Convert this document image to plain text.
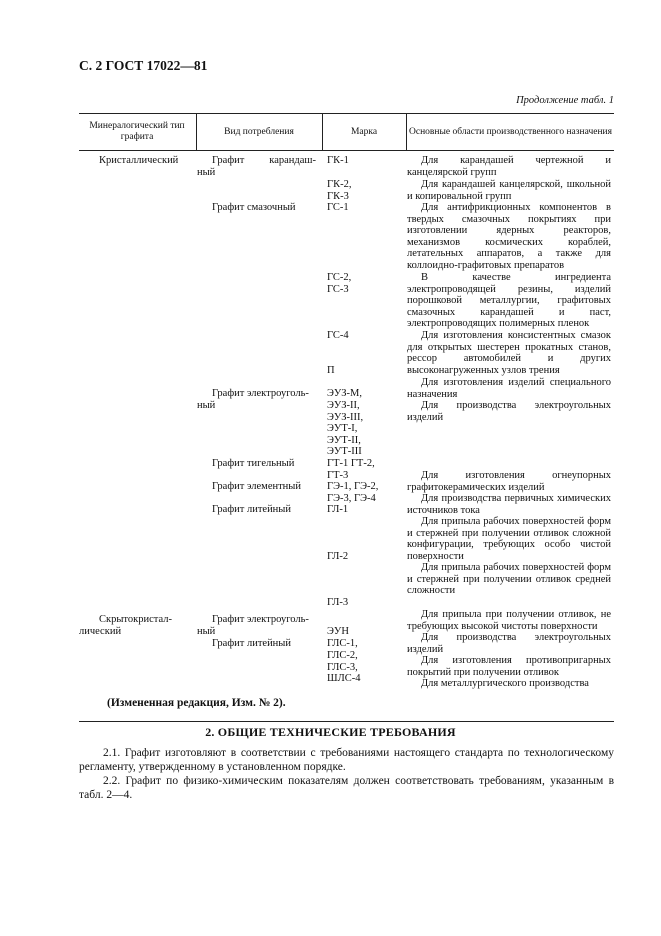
С. 2 ГОСТ 17022—81
Продолжение табл. 1
Минералогический тип графита
Вид потребления	Марка	Основные области производственного назначения
Кристаллический
Скрытокристал-
лический
Графит карандаш-
ный
Графит смазочный
Графит электроуголь-
ный
Графит тигельный
Графит элементный
Графит литейный
Графит электроуголь-
ный
Графит литейный
ГК-1
ГК-2,
ГК-3
ГС-1
ГС-2,
ГС-3
ГС-4
П
ЭУЗ-М,
ЭУЗ-II,
ЭУЗ-III,
ЭУТ-I,
ЭУТ-II,
ЭУТ-III
ГТ-1 ГТ-2,
ГТ-3
ГЭ-1, ГЭ-2,
ГЭ-3, ГЭ-4
ГЛ-1
ГЛ-2
ГЛ-3
ЭУН
ГЛС-1,
ГЛС-2,
ГЛС-3,
ШЛС-4
Для карандашей чертежной и канцелярской групп
Для карандашей канцелярской, школьной и копировальной групп
Для антифрикционных компонентов в твердых смазочных покрытиях при изготовлении ядерных реакторов, механизмов космических кораблей, летательных аппаратов, а также для коллоидно-графитовых препаратов
В качестве ингредиента электропроводящей резины, изделий порошковой металлургии, графитовых смазочных карандашей и паст, электропроводящих полимерных пленок
Для изготовления консистентных смазок для открытых шестерен прокатных станов, рессор автомобилей и других высоконагруженных узлов трения
Для изготовления изделий специального назначения
Для производства электроугольных изделий
Для изготовления огнеупорных графитокерамических изделий
Для производства первичных химических источников тока
Для припыла рабочих поверхностей форм и стержней при получении отливок сложной конфигурации, требующих особо чистой поверхности
Для припыла рабочих поверхностей форм и стержней при получении отливок средней сложности
Для припыла при получении отливок, не требующих высокой чистоты поверхности
Для производства электроугольных изделий
Для изготовления противопригарных покрытий при получении отливок
Для металлургического производства
(Измененная редакция, Изм. № 2).
2. ОБЩИЕ ТЕХНИЧЕСКИЕ ТРЕБОВАНИЯ
2.1. Графит изготовляют в соответствии с требованиями настоящего стандарта по технологическому регламенту, утвержденному в установленном порядке.
2.2. Графит по физико-химическим показателям должен соответствовать требованиям, указанным в табл. 2—4.
